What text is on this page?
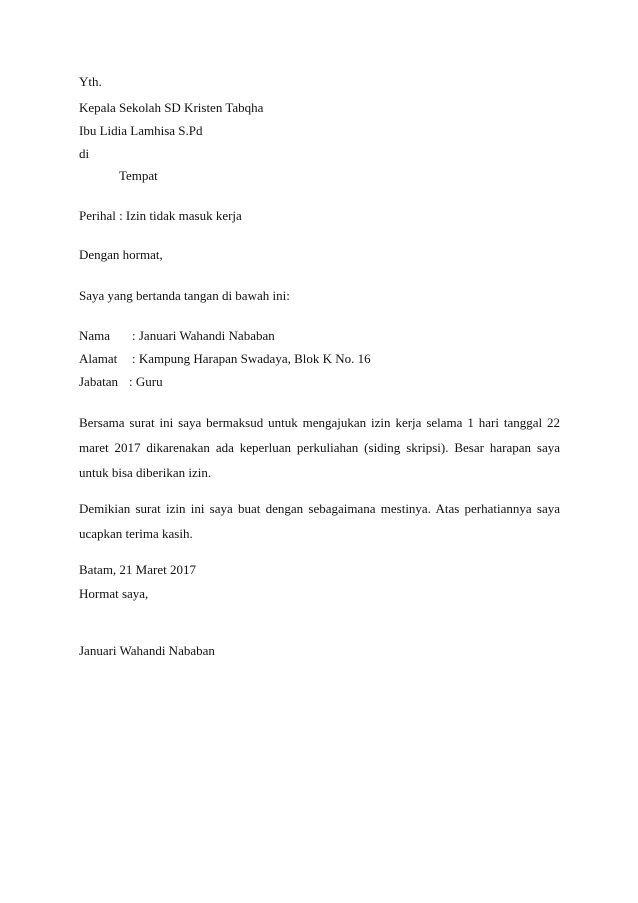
Yth.
Kepala Sekolah SD Kristen Tabqha
Ibu Lidia Lamhisa S.Pd
di
Tempat
Perihal : Izin tidak masuk kerja
Dengan hormat,
Saya yang bertanda tangan di bawah ini:
Nama : Januari Wahandi Nababan
Alamat : Kampung Harapan Swadaya, Blok K No. 16
Jabatan : Guru
Bersama surat ini saya bermaksud untuk mengajukan izin kerja selama 1 hari tanggal 22 maret 2017 dikarenakan ada keperluan perkuliahan (siding skripsi). Besar harapan saya untuk bisa diberikan izin.
Demikian surat izin ini saya buat dengan sebagaimana mestinya. Atas perhatiannya saya ucapkan terima kasih.
Batam, 21 Maret 2017
Hormat saya,
Januari Wahandi Nababan
